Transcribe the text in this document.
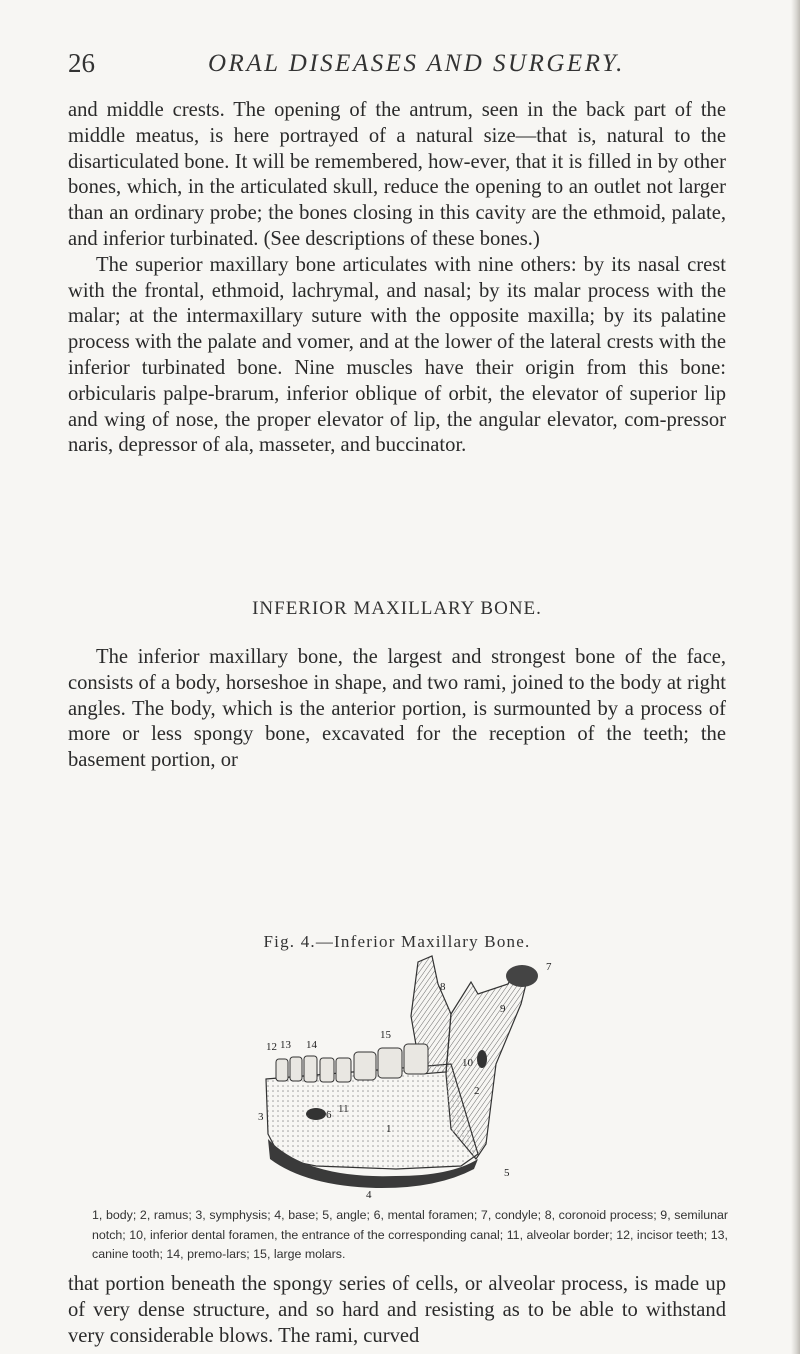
26	ORAL DISEASES AND SURGERY.

and middle crests. The opening of the antrum, seen in the back part of the middle meatus, is here portrayed of a natural size—that is, natural to the disarticulated bone. It will be remembered, how-ever, that it is filled in by other bones, which, in the articulated skull, reduce the opening to an outlet not larger than an ordinary probe; the bones closing in this cavity are the ethmoid, palate, and inferior turbinated. (See descriptions of these bones.)

The superior maxillary bone articulates with nine others: by its nasal crest with the frontal, ethmoid, lachrymal, and nasal; by its malar process with the malar; at the intermaxillary suture with the opposite maxilla; by its palatine process with the palate and vomer, and at the lower of the lateral crests with the inferior turbinated bone. Nine muscles have their origin from this bone: orbicularis palpe-brarum, inferior oblique of orbit, the elevator of superior lip and wing of nose, the proper elevator of lip, the angular elevator, com-pressor naris, depressor of ala, masseter, and buccinator.

INFERIOR MAXILLARY BONE.

The inferior maxillary bone, the largest and strongest bone of the face, consists of a body, horseshoe in shape, and two rami, joined to the body at right angles. The body, which is the anterior portion, is surmounted by a process of more or less spongy bone, excavated for the reception of the teeth; the basement portion, or

Fig. 4.—Inferior Maxillary Bone.
1
2
3
4
5
6
7
8
9
10
11
12 13 14
15
1, body; 2, ramus; 3, symphysis; 4, base; 5, angle; 6, mental foramen; 7, condyle; 8, coronoid process; 9, semilunar notch; 10, inferior dental foramen, the entrance of the corresponding canal; 11, alveolar border; 12, incisor teeth; 13, canine tooth; 14, premo-lars; 15, large molars.

that portion beneath the spongy series of cells, or alveolar process, is made up of very dense structure, and so hard and resisting as to be able to withstand very considerable blows. The rami, curved
